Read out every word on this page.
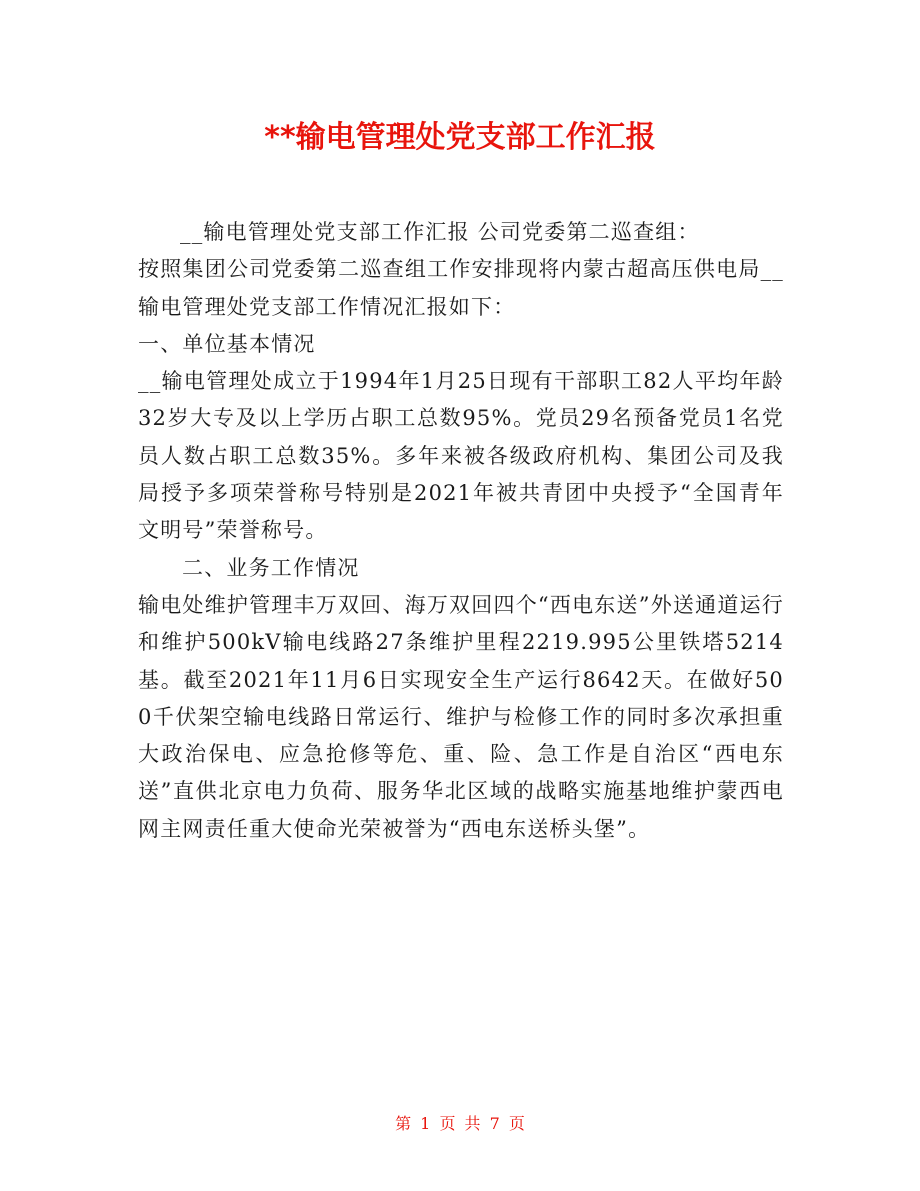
**输电管理处党支部工作汇报

__输电管理处党支部工作汇报 公司党委第二巡查组：

按照集团公司党委第二巡查组工作安排现将内蒙古超高压供电局__输电管理处党支部工作情况汇报如下：

一、单位基本情况

__输电管理处成立于1994年1月25日现有干部职工82人平均年龄32岁大专及以上学历占职工总数95%。党员29名预备党员1名党员人数占职工总数35%。多年来被各级政府机构、集团公司及我局授予多项荣誉称号特别是2021年被共青团中央授予“全国青年文明号”荣誉称号。

二、业务工作情况

输电处维护管理丰万双回、海万双回四个“西电东送”外送通道运行和维护500kV输电线路27条维护里程2219.995公里铁塔5214基。截至2021年11月6日实现安全生产运行8642天。在做好500千伏架空输电线路日常运行、维护与检修工作的同时多次承担重大政治保电、应急抢修等危、重、险、急工作是自治区“西电东送”直供北京电力负荷、服务华北区域的战略实施基地维护蒙西电网主网责任重大使命光荣被誉为“西电东送桥头堡”。

第 1 页 共 7 页
